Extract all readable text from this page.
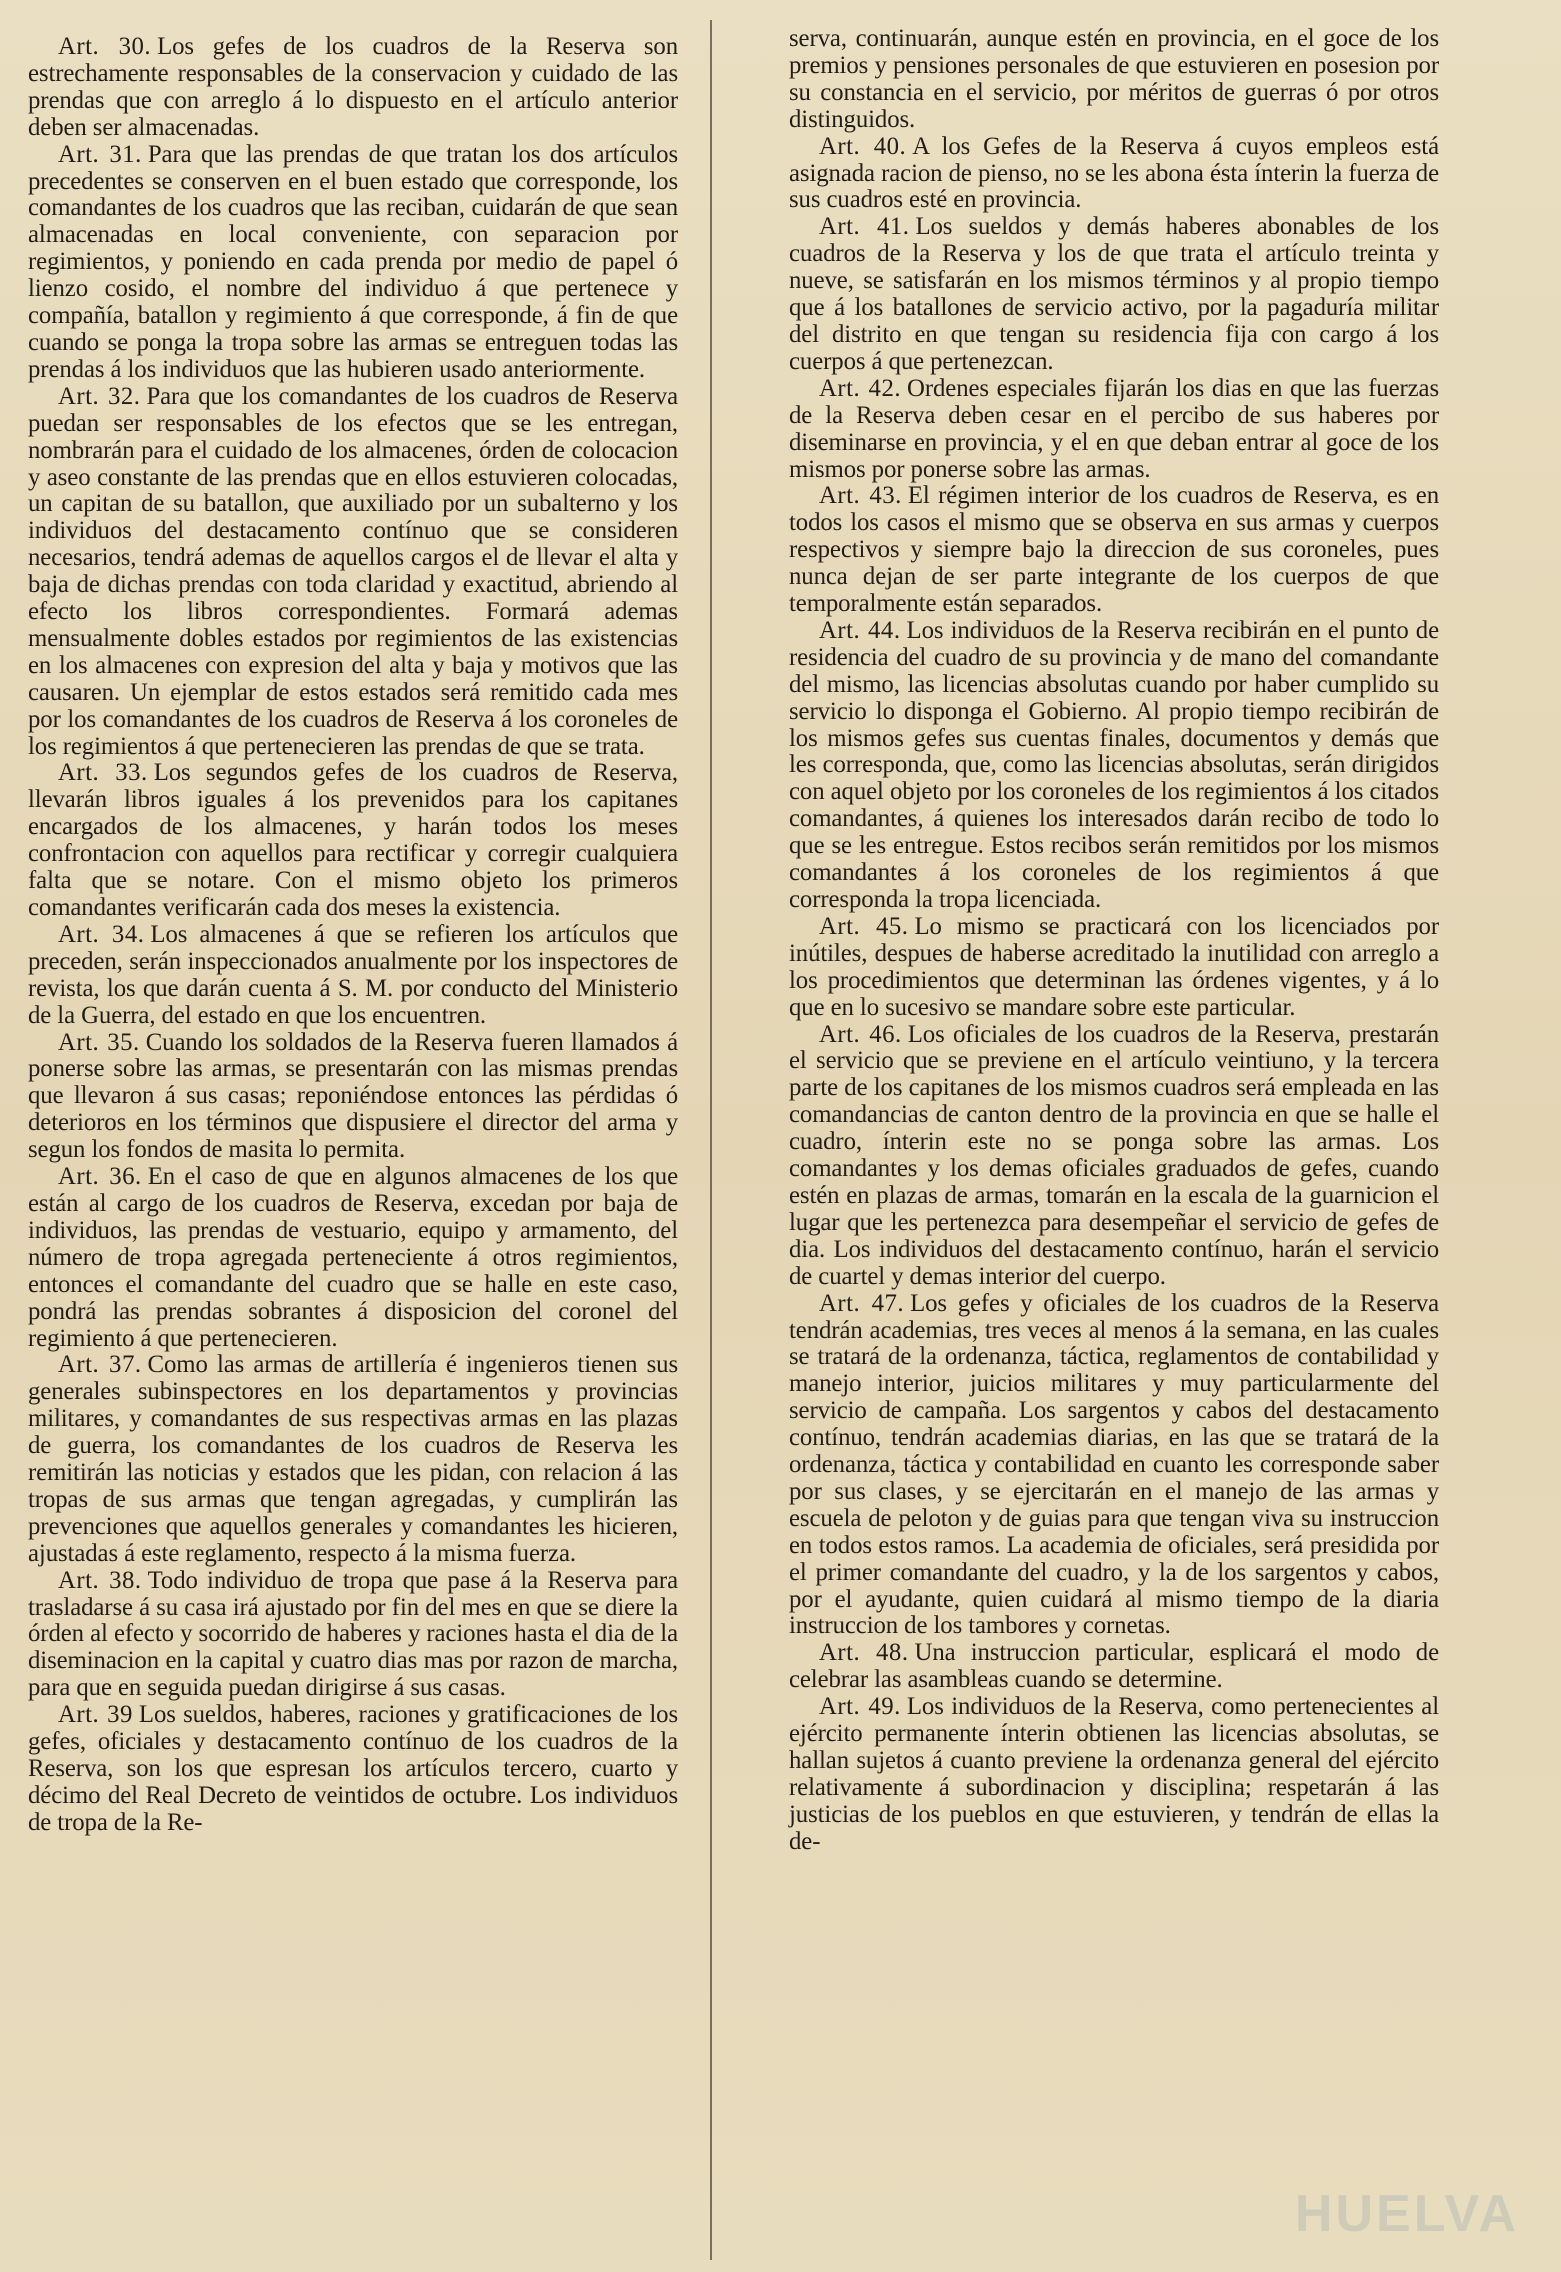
Art. 30. Los gefes de los cuadros de la Reserva son estrechamente responsables de la conservacion y cuidado de las prendas que con arreglo á lo dispuesto en el artículo anterior deben ser almacenadas.

Art. 31. Para que las prendas de que tratan los dos artículos precedentes se conserven en el buen estado que corresponde, los comandantes de los cuadros que las reciban, cuidarán de que sean almacenadas en local conveniente, con separacion por regimientos, y poniendo en cada prenda por medio de papel ó lienzo cosido, el nombre del individuo á que pertenece y compañía, batallon y regimiento á que corresponde, á fin de que cuando se ponga la tropa sobre las armas se entreguen todas las prendas á los individuos que las hubieren usado anteriormente.

Art. 32. Para que los comandantes de los cuadros de Reserva puedan ser responsables de los efectos que se les entregan, nombrarán para el cuidado de los almacenes, órden de colocacion y aseo constante de las prendas que en ellos estuvieren colocadas, un capitan de su batallon, que auxiliado por un subalterno y los individuos del destacamento contínuo que se consideren necesarios, tendrá ademas de aquellos cargos el de llevar el alta y baja de dichas prendas con toda claridad y exactitud, abriendo al efecto los libros correspondientes. Formará ademas mensualmente dobles estados por regimientos de las existencias en los almacenes con expresion del alta y baja y motivos que las causaren. Un ejemplar de estos estados será remitido cada mes por los comandantes de los cuadros de Reserva á los coroneles de los regimientos á que pertenecieren las prendas de que se trata.

Art. 33. Los segundos gefes de los cuadros de Reserva, llevarán libros iguales á los prevenidos para los capitanes encargados de los almacenes, y harán todos los meses confrontacion con aquellos para rectificar y corregir cualquiera falta que se notare. Con el mismo objeto los primeros comandantes verificarán cada dos meses la existencia.

Art. 34. Los almacenes á que se refieren los artículos que preceden, serán inspeccionados anualmente por los inspectores de revista, los que darán cuenta á S. M. por conducto del Ministerio de la Guerra, del estado en que los encuentren.

Art. 35. Cuando los soldados de la Reserva fueren llamados á ponerse sobre las armas, se presentarán con las mismas prendas que llevaron á sus casas; reponiéndose entonces las pérdidas ó deterioros en los términos que dispusiere el director del arma y segun los fondos de masita lo permita.

Art. 36. En el caso de que en algunos almacenes de los que están al cargo de los cuadros de Reserva, excedan por baja de individuos, las prendas de vestuario, equipo y armamento, del número de tropa agregada perteneciente á otros regimientos, entonces el comandante del cuadro que se halle en este caso, pondrá las prendas sobrantes á disposicion del coronel del regimiento á que pertenecieren.

Art. 37. Como las armas de artillería é ingenieros tienen sus generales subinspectores en los departamentos y provincias militares, y comandantes de sus respectivas armas en las plazas de guerra, los comandantes de los cuadros de Reserva les remitirán las noticias y estados que les pidan, con relacion á las tropas de sus armas que tengan agregadas, y cumplirán las prevenciones que aquellos generales y comandantes les hicieren, ajustadas á este reglamento, respecto á la misma fuerza.

Art. 38. Todo individuo de tropa que pase á la Reserva para trasladarse á su casa irá ajustado por fin del mes en que se diere la órden al efecto y socorrido de haberes y raciones hasta el dia de la diseminacion en la capital y cuatro dias mas por razon de marcha, para que en seguida puedan dirigirse á sus casas.

Art. 39 Los sueldos, haberes, raciones y gratificaciones de los gefes, oficiales y destacamento contínuo de los cuadros de la Reserva, son los que espresan los artículos tercero, cuarto y décimo del Real Decreto de veintidos de octubre. Los individuos de tropa de la Re-

serva, continuarán, aunque estén en provincia, en el goce de los premios y pensiones personales de que estuvieren en posesion por su constancia en el servicio, por méritos de guerras ó por otros distinguidos.

Art. 40. A los Gefes de la Reserva á cuyos empleos está asignada racion de pienso, no se les abona ésta ínterin la fuerza de sus cuadros esté en provincia.

Art. 41. Los sueldos y demás haberes abonables de los cuadros de la Reserva y los de que trata el artículo treinta y nueve, se satisfarán en los mismos términos y al propio tiempo que á los batallones de servicio activo, por la pagaduría militar del distrito en que tengan su residencia fija con cargo á los cuerpos á que pertenezcan.

Art. 42. Ordenes especiales fijarán los dias en que las fuerzas de la Reserva deben cesar en el percibo de sus haberes por diseminarse en provincia, y el en que deban entrar al goce de los mismos por ponerse sobre las armas.

Art. 43. El régimen interior de los cuadros de Reserva, es en todos los casos el mismo que se observa en sus armas y cuerpos respectivos y siempre bajo la direccion de sus coroneles, pues nunca dejan de ser parte integrante de los cuerpos de que temporalmente están separados.

Art. 44. Los individuos de la Reserva recibirán en el punto de residencia del cuadro de su provincia y de mano del comandante del mismo, las licencias absolutas cuando por haber cumplido su servicio lo disponga el Gobierno. Al propio tiempo recibirán de los mismos gefes sus cuentas finales, documentos y demás que les corresponda, que, como las licencias absolutas, serán dirigidos con aquel objeto por los coroneles de los regimientos á los citados comandantes, á quienes los interesados darán recibo de todo lo que se les entregue. Estos recibos serán remitidos por los mismos comandantes á los coroneles de los regimientos á que corresponda la tropa licenciada.

Art. 45. Lo mismo se practicará con los licenciados por inútiles, despues de haberse acreditado la inutilidad con arreglo a los procedimientos que determinan las órdenes vigentes, y á lo que en lo sucesivo se mandare sobre este particular.

Art. 46. Los oficiales de los cuadros de la Reserva, prestarán el servicio que se previene en el artículo veintiuno, y la tercera parte de los capitanes de los mismos cuadros será empleada en las comandancias de canton dentro de la provincia en que se halle el cuadro, ínterin este no se ponga sobre las armas. Los comandantes y los demas oficiales graduados de gefes, cuando estén en plazas de armas, tomarán en la escala de la guarnicion el lugar que les pertenezca para desempeñar el servicio de gefes de dia. Los individuos del destacamento contínuo, harán el servicio de cuartel y demas interior del cuerpo.

Art. 47. Los gefes y oficiales de los cuadros de la Reserva tendrán academias, tres veces al menos á la semana, en las cuales se tratará de la ordenanza, táctica, reglamentos de contabilidad y manejo interior, juicios militares y muy particularmente del servicio de campaña. Los sargentos y cabos del destacamento contínuo, tendrán academias diarias, en las que se tratará de la ordenanza, táctica y contabilidad en cuanto les corresponde saber por sus clases, y se ejercitarán en el manejo de las armas y escuela de peloton y de guias para que tengan viva su instruccion en todos estos ramos. La academia de oficiales, será presidida por el primer comandante del cuadro, y la de los sargentos y cabos, por el ayudante, quien cuidará al mismo tiempo de la diaria instruccion de los tambores y cornetas.

Art. 48. Una instruccion particular, esplicará el modo de celebrar las asambleas cuando se determine.

Art. 49. Los individuos de la Reserva, como pertenecientes al ejército permanente ínterin obtienen las licencias absolutas, se hallan sujetos á cuanto previene la ordenanza general del ejército relativamente á subordinacion y disciplina; respetarán á las justicias de los pueblos en que estuvieren, y tendrán de ellas la de-

HUELVA
